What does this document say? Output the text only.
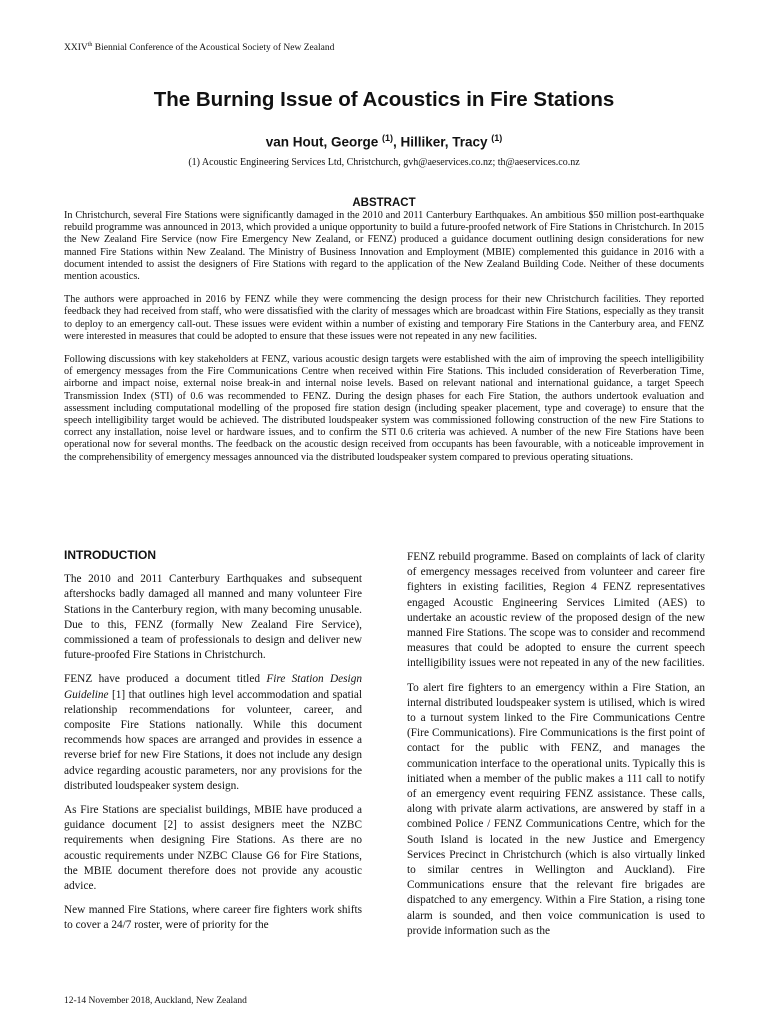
XXIVth Biennial Conference of the Acoustical Society of New Zealand
The Burning Issue of Acoustics in Fire Stations
van Hout, George $^{(1)}$, Hilliker, Tracy $^{(1)}$
(1) Acoustic Engineering Services Ltd, Christchurch, gvh@aeservices.co.nz; th@aeservices.co.nz
ABSTRACT

In Christchurch, several Fire Stations were significantly damaged in the 2010 and 2011 Canterbury Earthquakes. An ambitious $50 million post-earthquake rebuild programme was announced in 2013, which provided a unique opportunity to build a future-proofed network of Fire Stations in Christchurch. In 2015 the New Zealand Fire Service (now Fire Emergency New Zealand, or FENZ) produced a guidance document outlining design considerations for new manned Fire Stations within New Zealand. The Ministry of Business Innovation and Employment (MBIE) complemented this guidance in 2016 with a document intended to assist the designers of Fire Stations with regard to the application of the New Zealand Building Code. Neither of these documents mention acoustics.

The authors were approached in 2016 by FENZ while they were commencing the design process for their new Christchurch facilities. They reported feedback they had received from staff, who were dissatisfied with the clarity of messages which are broadcast within Fire Stations, especially as they transit to deploy to an emergency call-out. These issues were evident within a number of existing and temporary Fire Stations in the Canterbury area, and FENZ were interested in measures that could be adopted to ensure that these issues were not repeated in any new facilities.

Following discussions with key stakeholders at FENZ, various acoustic design targets were established with the aim of improving the speech intelligibility of emergency messages from the Fire Communications Centre when received within Fire Stations. This included consideration of Reverberation Time, airborne and impact noise, external noise break-in and internal noise levels. Based on relevant national and international guidance, a target Speech Transmission Index (STI) of 0.6 was recommended to FENZ. During the design phases for each Fire Station, the authors undertook evaluation and assessment including computational modelling of the proposed fire station design (including speaker placement, type and coverage) to ensure that the speech intelligibility target would be achieved. The distributed loudspeaker system was commissioned following construction of the new Fire Stations to correct any installation, noise level or hardware issues, and to confirm the STI 0.6 criteria was achieved. A number of the new Fire Stations have been operational now for several months. The feedback on the acoustic design received from occupants has been favourable, with a noticeable improvement in the comprehensibility of emergency messages announced via the distributed loudspeaker system compared to previous operating situations.

INTRODUCTION

The 2010 and 2011 Canterbury Earthquakes and subsequent aftershocks badly damaged all manned and many volunteer Fire Stations in the Canterbury region, with many becoming unusable. Due to this, FENZ (formally New Zealand Fire Service), commissioned a team of professionals to design and deliver new future-proofed Fire Stations in Christchurch.

FENZ have produced a document titled Fire Station Design Guideline [1] that outlines high level accommodation and spatial relationship recommendations for volunteer, career, and composite Fire Stations nationally. While this document recommends how spaces are arranged and provides in essence a reverse brief for new Fire Stations, it does not include any design advice regarding acoustic parameters, nor any provisions for the distributed loudspeaker system design.

As Fire Stations are specialist buildings, MBIE have produced a guidance document [2] to assist designers meet the NZBC requirements when designing Fire Stations. As there are no acoustic requirements under NZBC Clause G6 for Fire Stations, the MBIE document therefore does not provide any acoustic advice.

New manned Fire Stations, where career fire fighters work shifts to cover a 24/7 roster, were of priority for the

FENZ rebuild programme. Based on complaints of lack of clarity of emergency messages received from volunteer and career fire fighters in existing facilities, Region 4 FENZ representatives engaged Acoustic Engineering Services Limited (AES) to undertake an acoustic review of the proposed design of the new manned Fire Stations. The scope was to consider and recommend measures that could be adopted to ensure the current speech intelligibility issues were not repeated in any of the new facilities.

To alert fire fighters to an emergency within a Fire Station, an internal distributed loudspeaker system is utilised, which is wired to a turnout system linked to the Fire Communications Centre (Fire Communications). Fire Communications is the first point of contact for the public with FENZ, and manages the communication interface to the operational units. Typically this is initiated when a member of the public makes a 111 call to notify of an emergency event requiring FENZ assistance. These calls, along with private alarm activations, are answered by staff in a combined Police / FENZ Communications Centre, which for the South Island is located in the new Justice and Emergency Services Precinct in Christchurch (which is also virtually linked to similar centres in Wellington and Auckland). Fire Communications ensure that the relevant fire brigades are dispatched to any emergency. Within a Fire Station, a rising tone alarm is sounded, and then voice communication is used to provide information such as the

12-14 November 2018, Auckland, New Zealand
